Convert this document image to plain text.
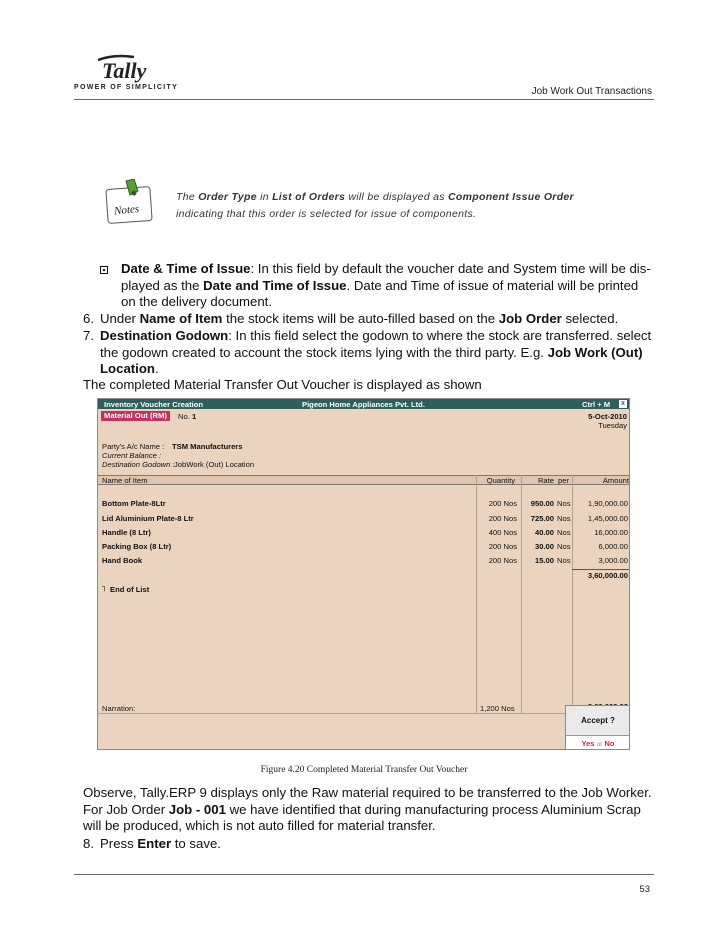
Tally
POWER OF SIMPLICITY	Job Work Out Transactions
Notes
The Order Type in List of Orders will be displayed as Component Issue Order
indicating that this order is selected for issue of components.
Date & Time of Issue: In this field by default the voucher date and System time will be dis-
played as the Date and Time of Issue. Date and Time of issue of material will be printed
on the delivery document.
6. Under Name of Item the stock items will be auto-filled based on the Job Order selected.
7. Destination Godown: In this field select the godown to where the stock are transferred. select
the godown created to account the stock items lying with the third party. E.g. Job Work (Out)
Location.
The completed Material Transfer Out Voucher is displayed as shown
Inventory Voucher Creation	Pigeon Home Appliances Pvt. Ltd.	Ctrl + M x
Material Out (RM)	No. 1	5-Oct-2010
Tuesday
Party's A/c Name : TSM Manufacturers
Current Balance :
Destination Godown : JobWork (Out) Location
Name of Item	Quantity	Rate per	Amount
Bottom Plate-8Ltr	200 Nos	950.00 Nos	1,90,000.00
Lid Aluminium Plate-8 Ltr	200 Nos	725.00 Nos	1,45,000.00
Handle (8 Ltr)	400 Nos	40.00 Nos	16,000.00
Packing Box (8 Ltr)	200 Nos	30.00 Nos	6,000.00
Hand Book	200 Nos	15.00 Nos	3,000.00
3,60,000.00
┐ End of List
Narration:	1,200 Nos
Accept ?
Yes or No
Figure 4.20 Completed Material Transfer Out Voucher
Observe, Tally.ERP 9 displays only the Raw material required to be transferred to the Job Worker.
For Job Order Job - 001 we have identified that during manufacturing process Aluminium Scrap
will be produced, which is not auto filled for material transfer.
8. Press Enter to save.
53
